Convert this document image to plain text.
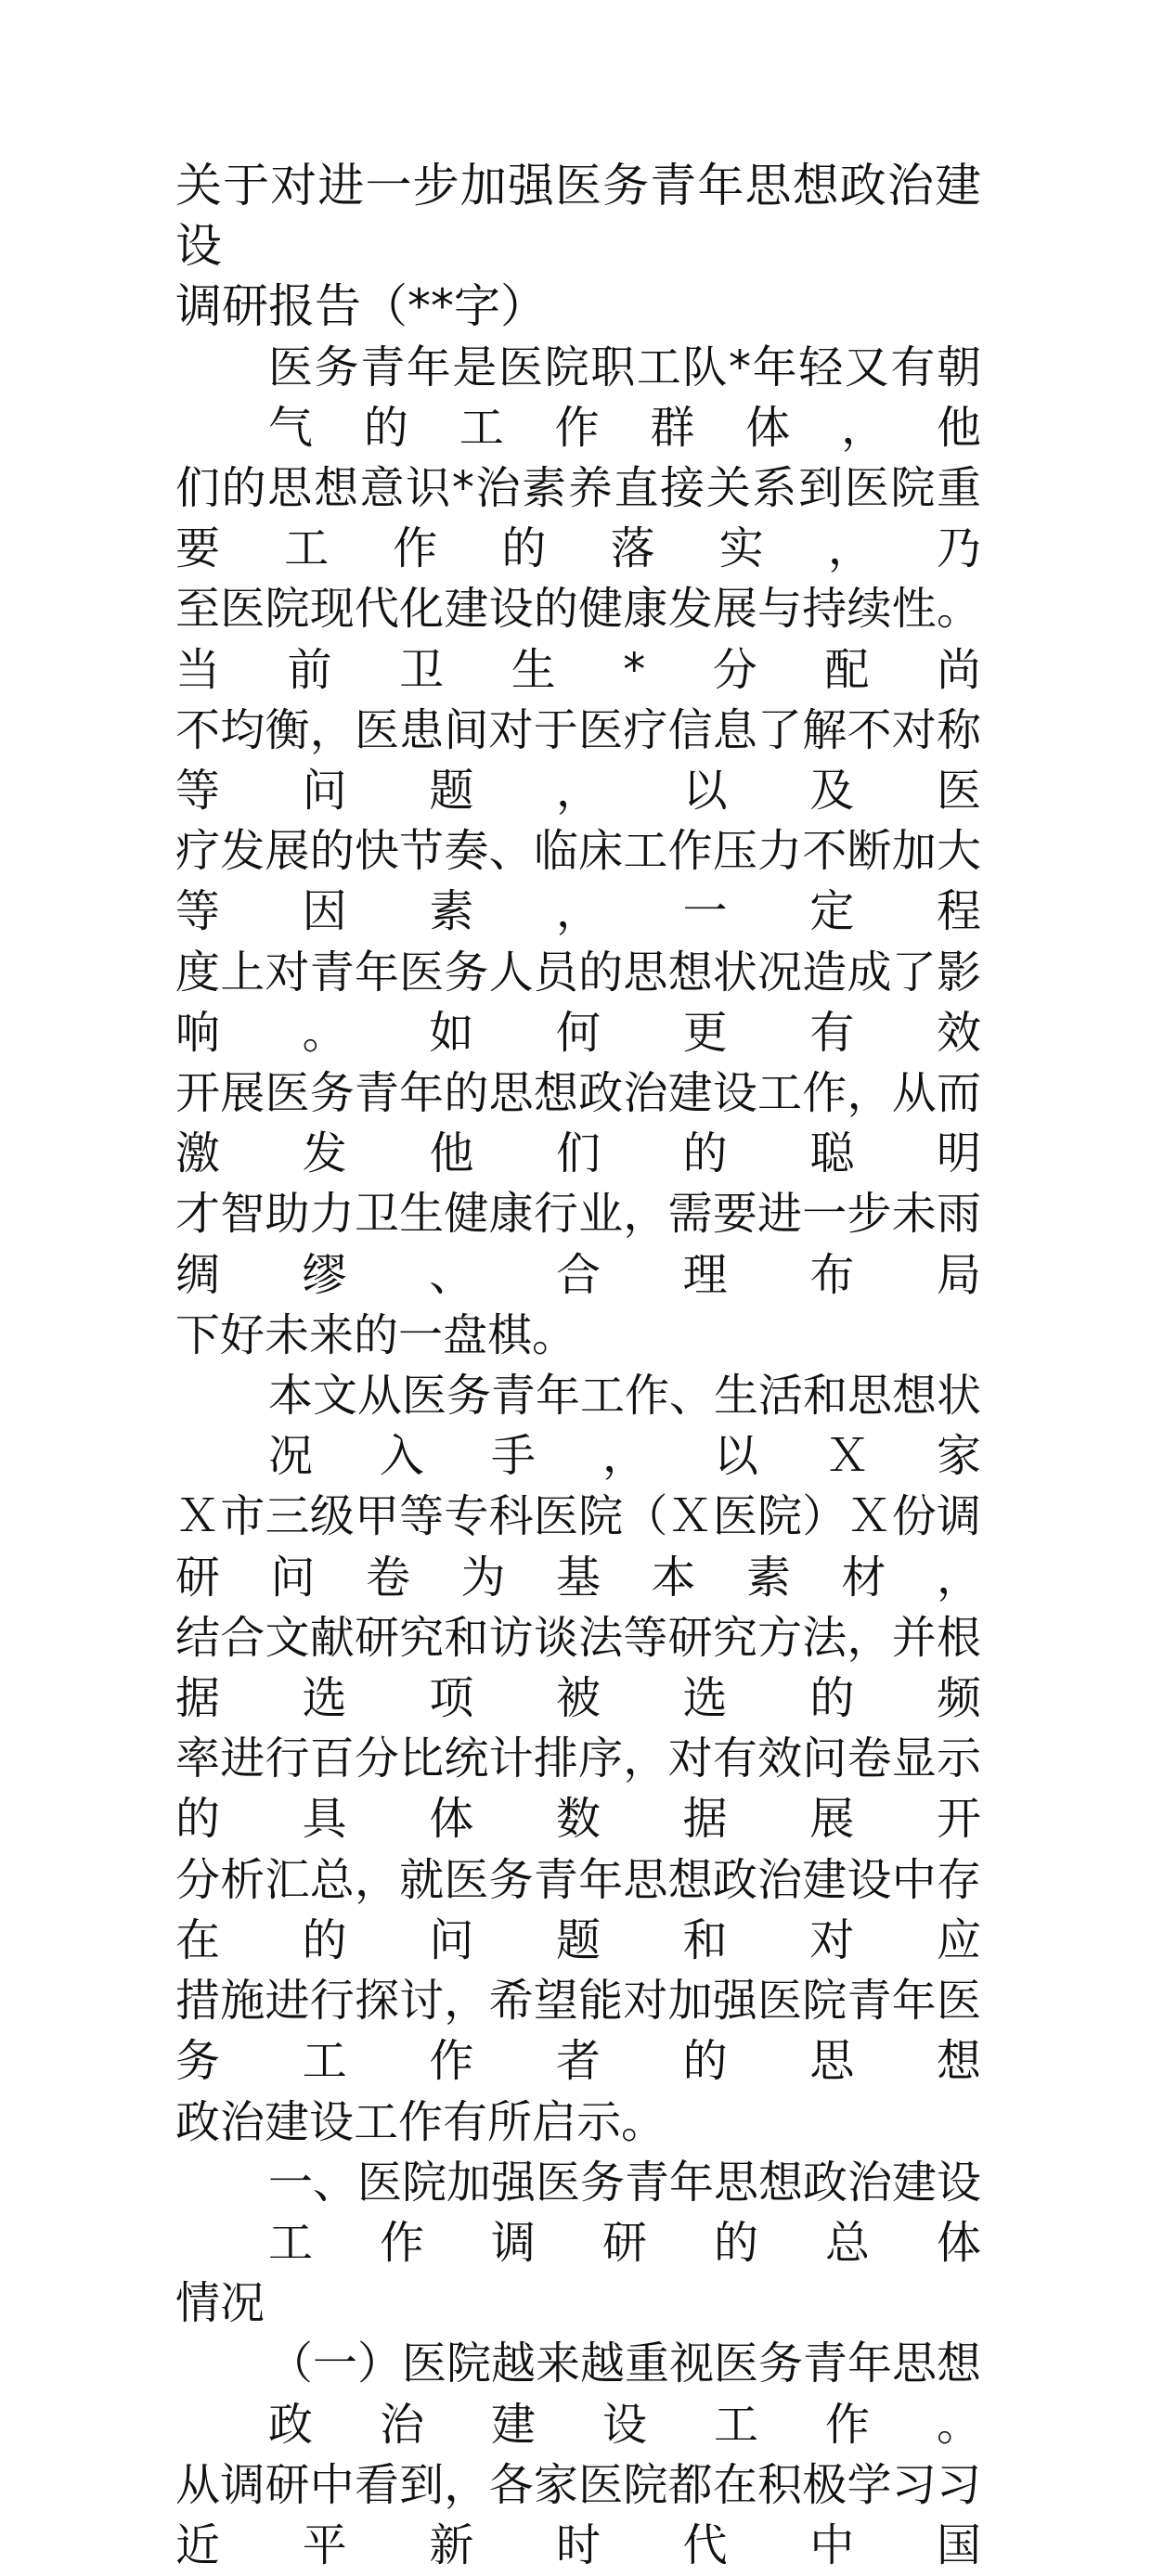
关于对进一步加强医务青年思想政治建设
调研报告（**字）
医务青年是医院职工队*年轻又有朝气的工作群体，他
们的思想意识*治素养直接关系到医院重要工作的落实，乃
至医院现代化建设的健康发展与持续性。当前卫生*分配尚
不均衡，医患间对于医疗信息了解不对称等问题，以及医
疗发展的快节奏、临床工作压力不断加大等因素，一定程
度上对青年医务人员的思想状况造成了影响。如何更有效
开展医务青年的思想政治建设工作，从而激发他们的聪明
才智助力卫生健康行业，需要进一步未雨绸缪、合理布局
下好未来的一盘棋。
本文从医务青年工作、生活和思想状况入手，以Ｘ家
Ｘ市三级甲等专科医院（Ｘ医院）Ｘ份调研问卷为基本素材，
结合文献研究和访谈法等研究方法，并根据选项被选的频
率进行百分比统计排序，对有效问卷显示的具体数据展开
分析汇总，就医务青年思想政治建设中存在的问题和对应
措施进行探讨，希望能对加强医院青年医务工作者的思想
政治建设工作有所启示。
一、医院加强医务青年思想政治建设工作调研的总体
情况
（一）医院越来越重视医务青年思想政治建设工作。
从调研中看到，各家医院都在积极学习习近平新时代中国
